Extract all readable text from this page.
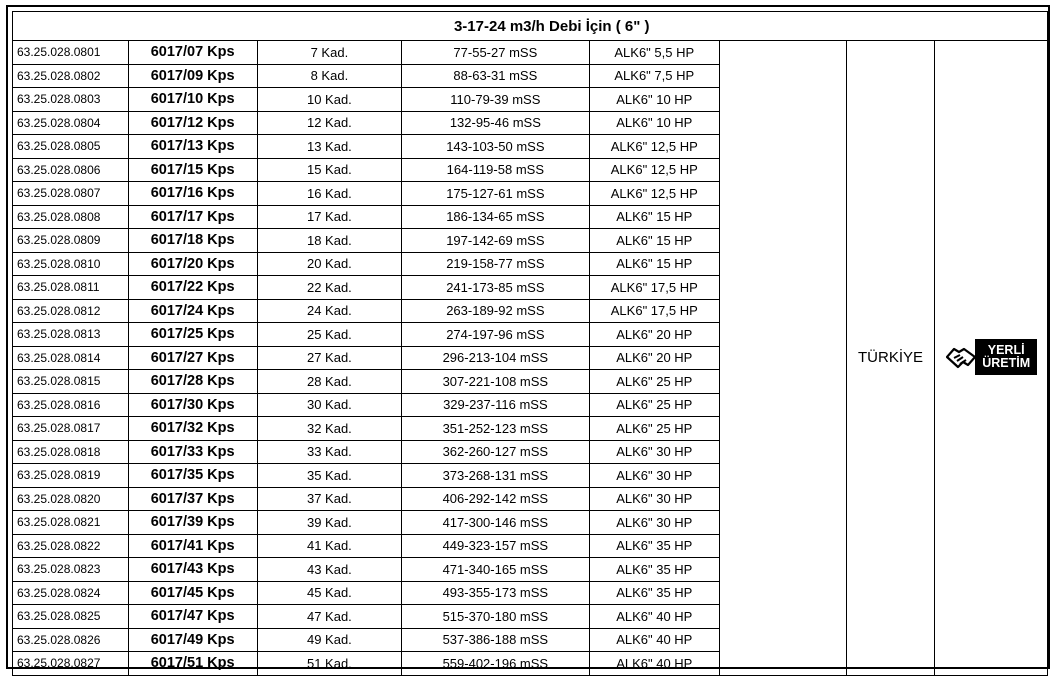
		3-17-24 m3/h Debi İçin ( 6" )					
63.25.028.0801	6017/07 Kps	7 Kad.	77-55-27 mSS	ALK6" 5,5 HP		TÜRKİYE	YERLİ
ÜRETİM

63.25.028.0802	6017/09 Kps	8 Kad.	88-63-31 mSS	ALK6" 7,5 HP			
63.25.028.0803	6017/10 Kps	10 Kad.	110-79-39 mSS	ALK6" 10 HP			
63.25.028.0804	6017/12 Kps	12 Kad.	132-95-46 mSS	ALK6" 10 HP			
63.25.028.0805	6017/13 Kps	13 Kad.	143-103-50 mSS	ALK6" 12,5 HP			
63.25.028.0806	6017/15 Kps	15 Kad.	164-119-58 mSS	ALK6" 12,5 HP			
63.25.028.0807	6017/16 Kps	16 Kad.	175-127-61 mSS	ALK6" 12,5 HP			
63.25.028.0808	6017/17 Kps	17 Kad.	186-134-65 mSS	ALK6" 15 HP			
63.25.028.0809	6017/18 Kps	18 Kad.	197-142-69 mSS	ALK6" 15 HP			
63.25.028.0810	6017/20 Kps	20 Kad.	219-158-77 mSS	ALK6" 15 HP			
63.25.028.0811	6017/22 Kps	22 Kad.	241-173-85 mSS	ALK6" 17,5 HP			
63.25.028.0812	6017/24 Kps	24 Kad.	263-189-92 mSS	ALK6" 17,5 HP			
63.25.028.0813	6017/25 Kps	25 Kad.	274-197-96 mSS	ALK6" 20 HP			
63.25.028.0814	6017/27 Kps	27 Kad.	296-213-104 mSS	ALK6" 20 HP			
63.25.028.0815	6017/28 Kps	28 Kad.	307-221-108 mSS	ALK6" 25 HP			
63.25.028.0816	6017/30 Kps	30 Kad.	329-237-116 mSS	ALK6" 25 HP			
63.25.028.0817	6017/32 Kps	32 Kad.	351-252-123 mSS	ALK6" 25 HP			
63.25.028.0818	6017/33 Kps	33 Kad.	362-260-127 mSS	ALK6" 30 HP			
63.25.028.0819	6017/35 Kps	35 Kad.	373-268-131 mSS	ALK6" 30 HP			
63.25.028.0820	6017/37 Kps	37 Kad.	406-292-142 mSS	ALK6" 30 HP			
63.25.028.0821	6017/39 Kps	39 Kad.	417-300-146 mSS	ALK6" 30 HP			
63.25.028.0822	6017/41 Kps	41 Kad.	449-323-157 mSS	ALK6" 35 HP			
63.25.028.0823	6017/43 Kps	43 Kad.	471-340-165 mSS	ALK6" 35 HP			
63.25.028.0824	6017/45 Kps	45 Kad.	493-355-173 mSS	ALK6" 35 HP			
63.25.028.0825	6017/47 Kps	47 Kad.	515-370-180 mSS	ALK6" 40 HP			
63.25.028.0826	6017/49 Kps	49 Kad.	537-386-188 mSS	ALK6" 40 HP			
63.25.028.0827	6017/51 Kps	51 Kad.	559-402-196 mSS	ALK6" 40 HP			
